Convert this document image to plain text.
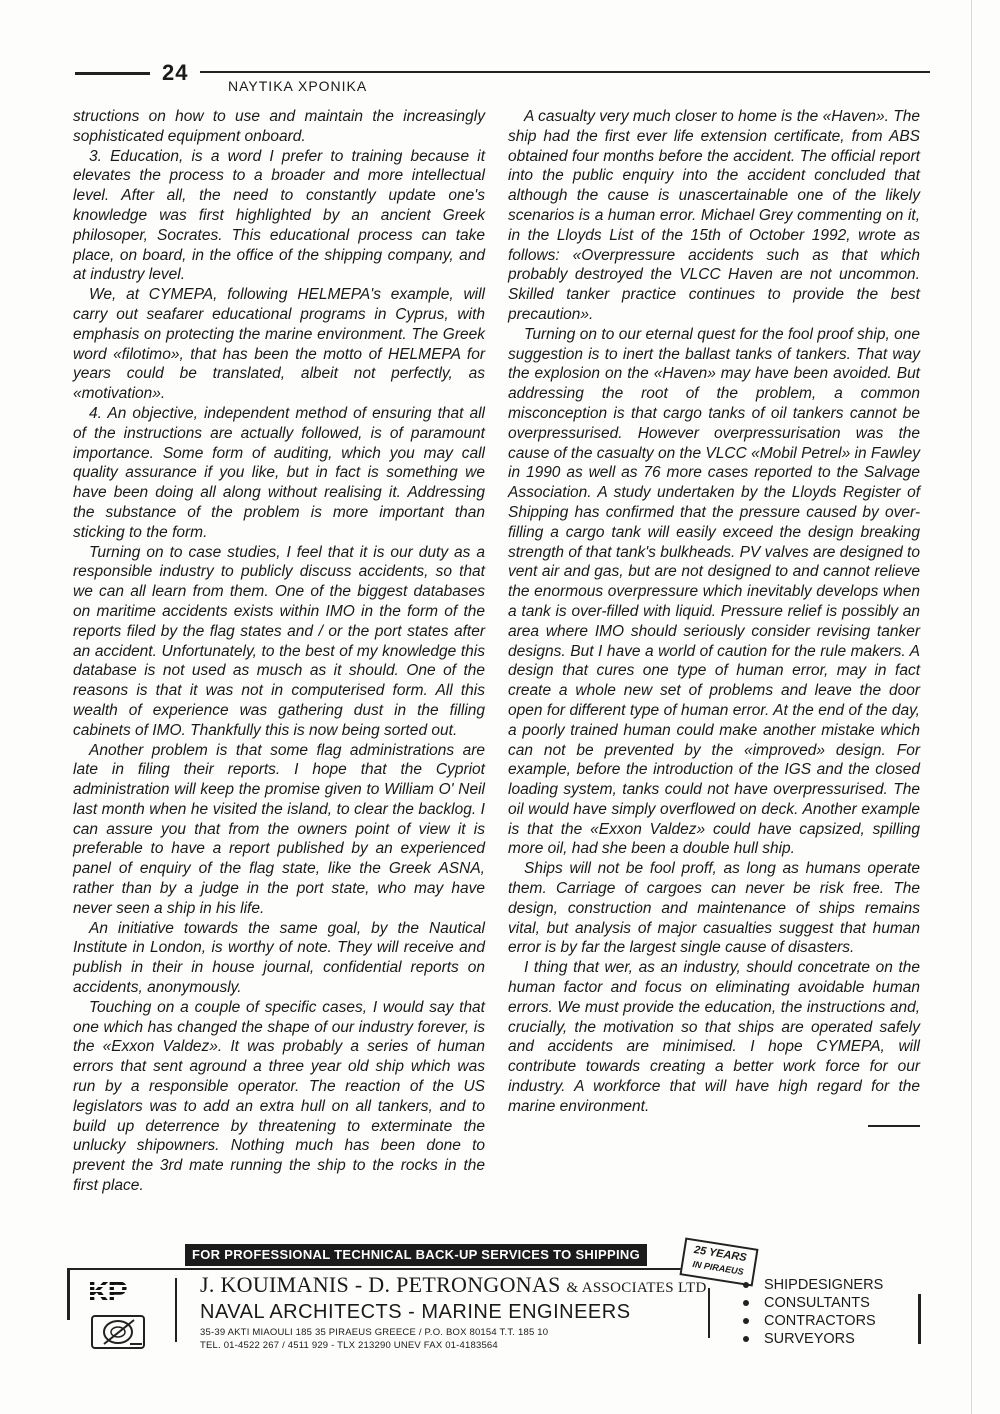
24
ΝΑΥΤΙΚΑ ΧΡΟΝΙΚΑ

structions on how to use and maintain the increasingly sophisticated equipment onboard.

3. Education, is a word I prefer to training because it elevates the process to a broader and more intellectual level. After all, the need to constantly update one's knowledge was first highlighted by an ancient Greek philosoper, Socrates. This educational process can take place, on board, in the office of the shipping company, and at industry level.

We, at CYMEPA, following HELMEPA's example, will carry out seafarer educational programs in Cyprus, with emphasis on protecting the marine environment. The Greek word «filotimo», that has been the motto of HELMEPA for years could be translated, albeit not perfectly, as «motivation».

4. An objective, independent method of ensuring that all of the instructions are actually followed, is of paramount importance. Some form of auditing, which you may call quality assurance if you like, but in fact is something we have been doing all along without realising it. Addressing the substance of the problem is more important than sticking to the form.

Turning on to case studies, I feel that it is our duty as a responsible industry to publicly discuss accidents, so that we can all learn from them. One of the biggest databases on maritime accidents exists within IMO in the form of the reports filed by the flag states and / or the port states after an accident. Unfortunately, to the best of my knowledge this database is not used as musch as it should. One of the reasons is that it was not in computerised form. All this wealth of experience was gathering dust in the filling cabinets of IMO. Thankfully this is now being sorted out.

Another problem is that some flag administrations are late in filing their reports. I hope that the Cypriot administration will keep the promise given to William O' Neil last month when he visited the island, to clear the backlog. I can assure you that from the owners point of view it is preferable to have a report published by an experienced panel of enquiry of the flag state, like the Greek ASNA, rather than by a judge in the port state, who may have never seen a ship in his life.

An initiative towards the same goal, by the Nautical Institute in London, is worthy of note. They will receive and publish in their in house journal, confidential reports on accidents, anonymously.

Touching on a couple of specific cases, I would say that one which has changed the shape of our industry forever, is the «Exxon Valdez». It was probably a series of human errors that sent aground a three year old ship which was run by a responsible operator. The reaction of the US legislators was to add an extra hull on all tankers, and to build up deterrence by threatening to exterminate the unlucky shipowners. Nothing much has been done to prevent the 3rd mate running the ship to the rocks in the first place.

A casualty very much closer to home is the «Haven». The ship had the first ever life extension certificate, from ABS obtained four months before the accident. The official report into the public enquiry into the accident concluded that although the cause is unascertainable one of the likely scenarios is a human error. Michael Grey commenting on it, in the Lloyds List of the 15th of October 1992, wrote as follows: «Overpressure accidents such as that which probably destroyed the VLCC Haven are not uncommon. Skilled tanker practice continues to provide the best precaution».

Turning on to our eternal quest for the fool proof ship, one suggestion is to inert the ballast tanks of tankers. That way the explosion on the «Haven» may have been avoided. But addressing the root of the problem, a common misconception is that cargo tanks of oil tankers cannot be overpressurised. However overpressurisation was the cause of the casualty on the VLCC «Mobil Petrel» in Fawley in 1990 as well as 76 more cases reported to the Salvage Association. A study undertaken by the Lloyds Register of Shipping has confirmed that the pressure caused by over-filling a cargo tank will easily exceed the design breaking strength of that tank's bulkheads. PV valves are designed to vent air and gas, but are not designed to and cannot relieve the enormous overpressure which inevitably develops when a tank is over-filled with liquid. Pressure relief is possibly an area where IMO should seriously consider revising tanker designs. But I have a world of caution for the rule makers. A design that cures one type of human error, may in fact create a whole new set of problems and leave the door open for different type of human error. At the end of the day, a poorly trained human could make another mistake which can not be prevented by the «improved» design. For example, before the introduction of the IGS and the closed loading system, tanks could not have overpressurised. The oil would have simply overflowed on deck. Another example is that the «Exxon Valdez» could have capsized, spilling more oil, had she been a double hull ship.

Ships will not be fool proff, as long as humans operate them. Carriage of cargoes can never be risk free. The design, construction and maintenance of ships remains vital, but analysis of major casualties suggest that human error is by far the largest single cause of disasters.

I thing that wer, as an industry, should concetrate on the human factor and focus on eliminating avoidable human errors. We must provide the education, the instructions and, crucially, the motivation so that ships are operated safely and accidents are minimised. I hope CYMEPA, will contribute towards creating a better work force for our industry. A workforce that will have high regard for the marine environment.

FOR PROFESSIONAL TECHNICAL BACK-UP SERVICES TO SHIPPING
KP	J. KOUIMANIS - D. PETRONGONAS & ASSOCIATES LTD
NAVAL ARCHITECTS - MARINE ENGINEERS
35-39 AKTI MIAOULI 185 35 PIRAEUS GREECE / P.O. BOX 80154 T.T. 185 10
TEL. 01-4522 267 / 4511 929 - TLX 213290 UNEV FAX 01-4183564
25 YEARS
IN PIRAEUS
SHIPDESIGNERS
CONSULTANTS
CONTRACTORS
SURVEYORS
